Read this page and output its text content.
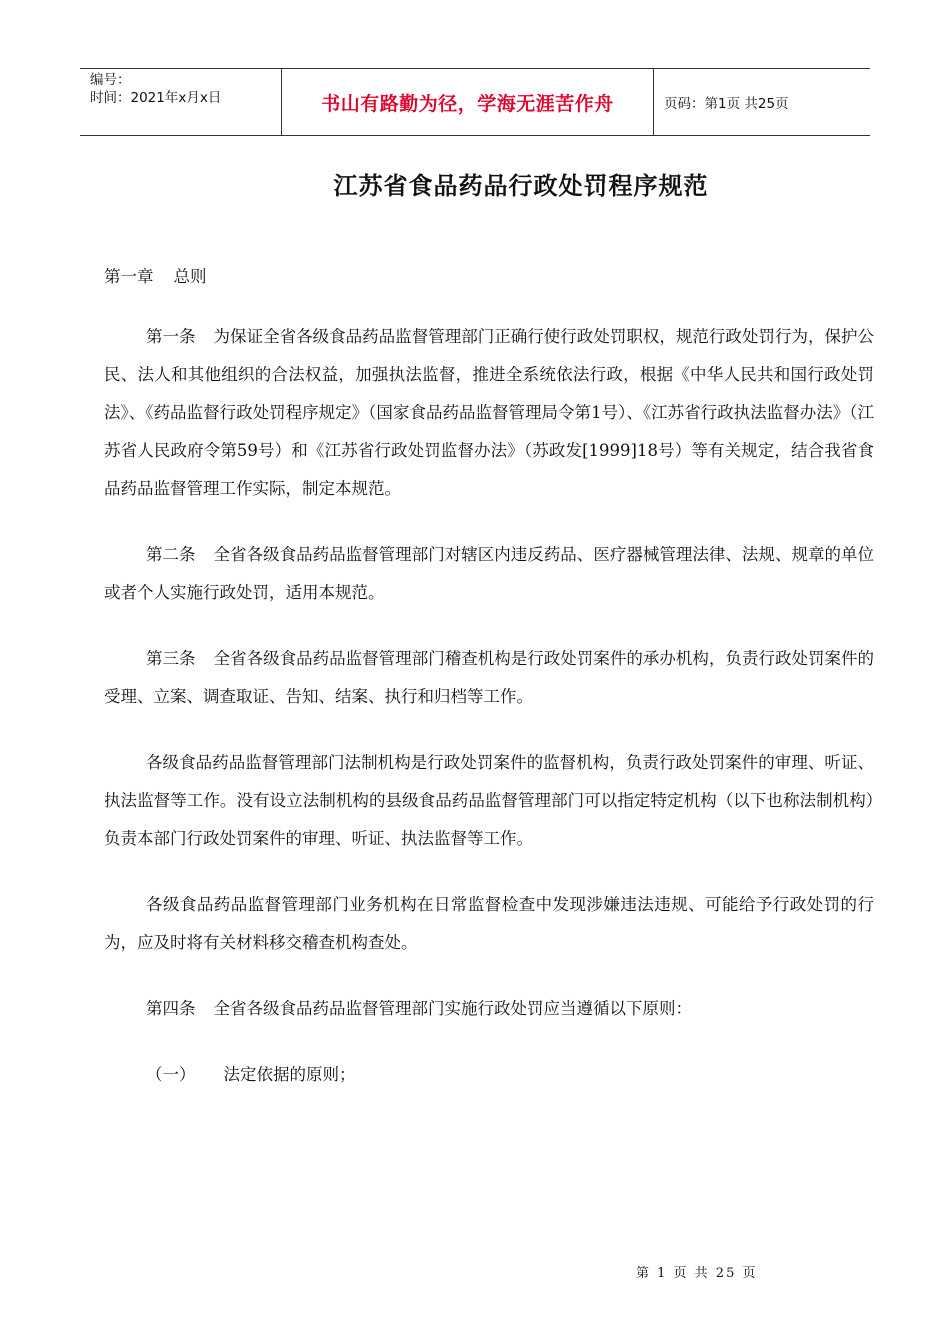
编号：
时间：2021年x月x日	书山有路勤为径，学海无涯苦作舟	页码：第1页 共25页
江苏省食品药品行政处罚程序规范

第一章 总则

第一条 为保证全省各级食品药品监督管理部门正确行使行政处罚职权，规范行政处罚行为，保护公民、法人和其他组织的合法权益，加强执法监督，推进全系统依法行政，根据《中华人民共和国行政处罚法》、《药品监督行政处罚程序规定》（国家食品药品监督管理局令第1号）、《江苏省行政执法监督办法》（江苏省人民政府令第59号）和《江苏省行政处罚监督办法》（苏政发[1999]18号）等有关规定，结合我省食品药品监督管理工作实际，制定本规范。

第二条 全省各级食品药品监督管理部门对辖区内违反药品、医疗器械管理法律、法规、规章的单位或者个人实施行政处罚，适用本规范。

第三条 全省各级食品药品监督管理部门稽查机构是行政处罚案件的承办机构，负责行政处罚案件的受理、立案、调查取证、告知、结案、执行和归档等工作。

各级食品药品监督管理部门法制机构是行政处罚案件的监督机构，负责行政处罚案件的审理、听证、执法监督等工作。没有设立法制机构的县级食品药品监督管理部门可以指定特定机构（以下也称法制机构）负责本部门行政处罚案件的审理、听证、执法监督等工作。

各级食品药品监督管理部门业务机构在日常监督检查中发现涉嫌违法违规、可能给予行政处罚的行为，应及时将有关材料移交稽查机构查处。

第四条 全省各级食品药品监督管理部门实施行政处罚应当遵循以下原则：

（一） 法定依据的原则；

第 1 页 共 25 页
